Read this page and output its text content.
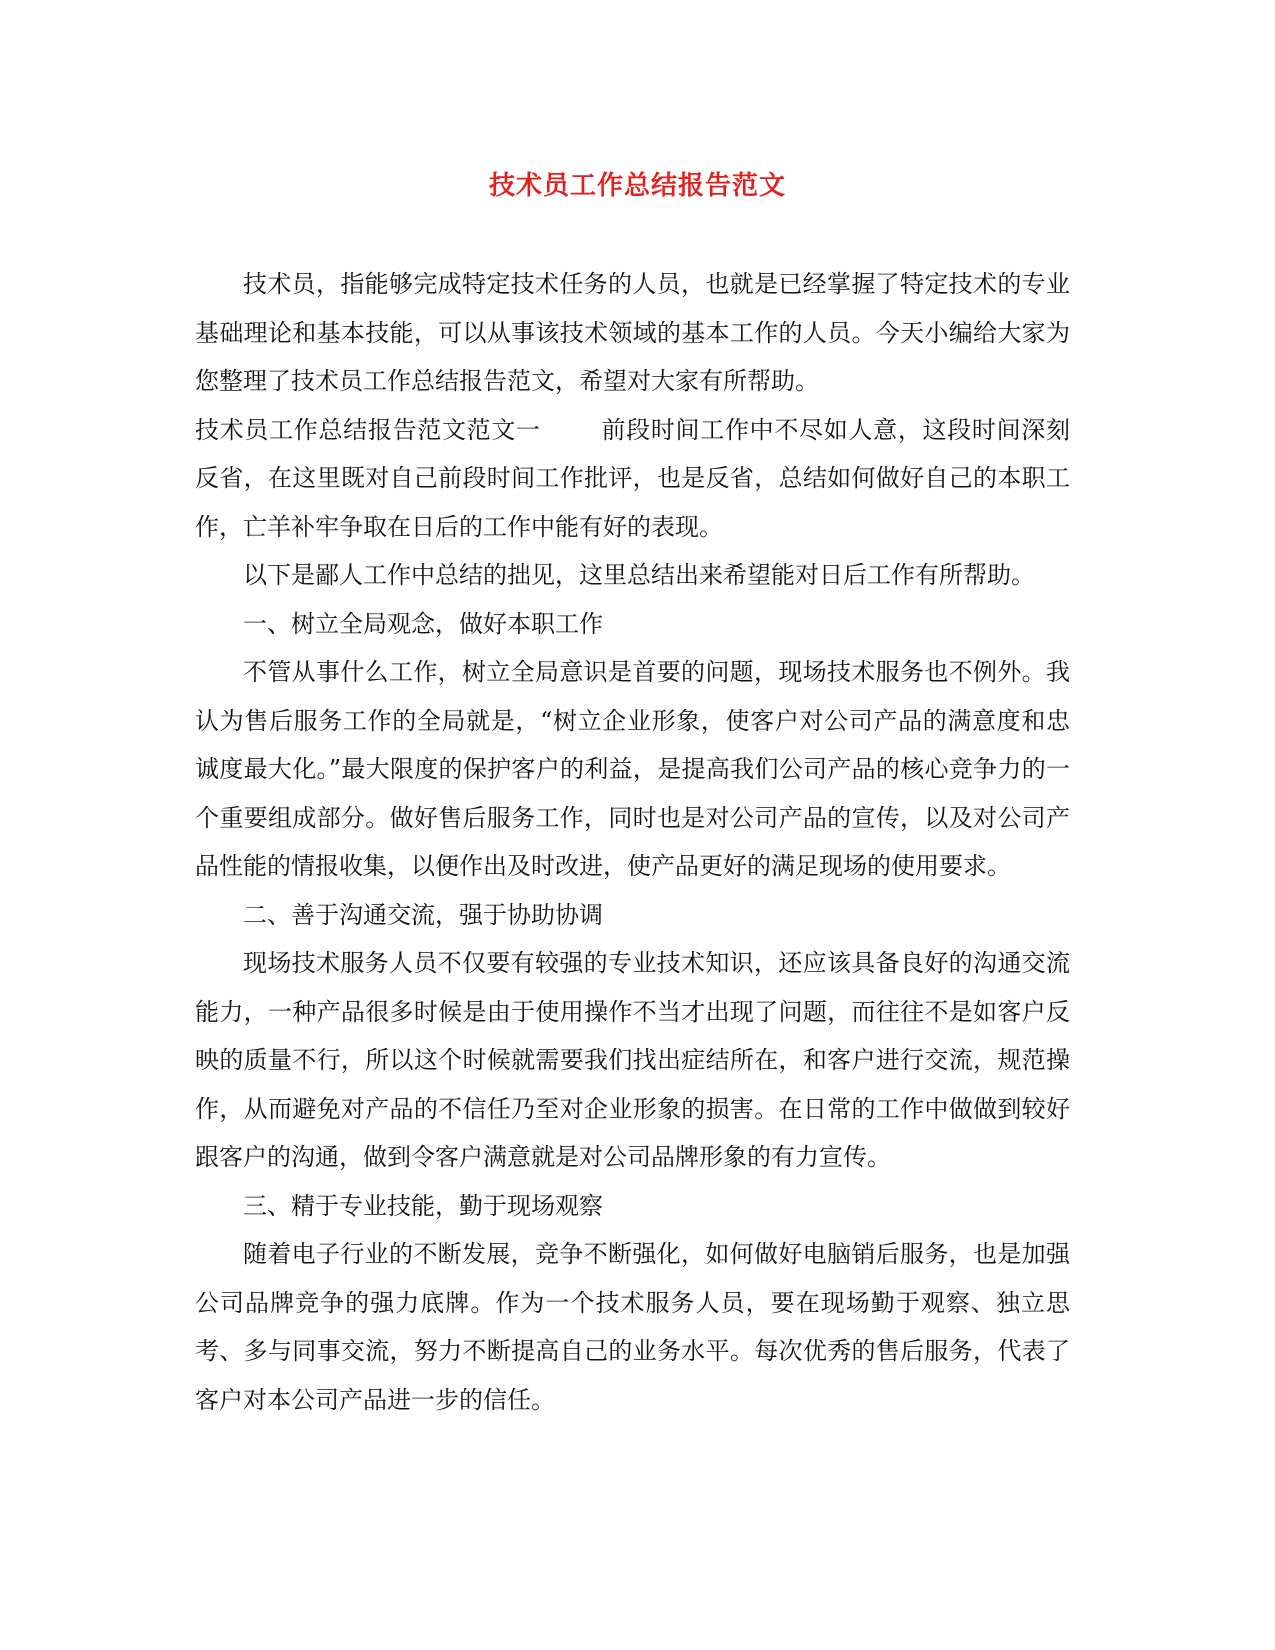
技术员工作总结报告范文

技术员，指能够完成特定技术任务的人员，也就是已经掌握了特定技术的专业基础理论和基本技能，可以从事该技术领域的基本工作的人员。今天小编给大家为您整理了技术员工作总结报告范文，希望对大家有所帮助。

技术员工作总结报告范文范文一	前段时间工作中不尽如人意，这段时间深刻反省，在这里既对自己前段时间工作批评，也是反省，总结如何做好自己的本职工作，亡羊补牢争取在日后的工作中能有好的表现。

以下是鄙人工作中总结的拙见，这里总结出来希望能对日后工作有所帮助。

一、树立全局观念，做好本职工作

不管从事什么工作，树立全局意识是首要的问题，现场技术服务也不例外。我认为售后服务工作的全局就是，“树立企业形象，使客户对公司产品的满意度和忠诚度最大化。”最大限度的保护客户的利益，是提高我们公司产品的核心竞争力的一个重要组成部分。做好售后服务工作，同时也是对公司产品的宣传，以及对公司产品性能的情报收集，以便作出及时改进，使产品更好的满足现场的使用要求。

二、善于沟通交流，强于协助协调

现场技术服务人员不仅要有较强的专业技术知识，还应该具备良好的沟通交流能力，一种产品很多时候是由于使用操作不当才出现了问题，而往往不是如客户反映的质量不行，所以这个时候就需要我们找出症结所在，和客户进行交流，规范操作，从而避免对产品的不信任乃至对企业形象的损害。在日常的工作中做做到较好跟客户的沟通，做到令客户满意就是对公司品牌形象的有力宣传。

三、精于专业技能，勤于现场观察

随着电子行业的不断发展，竞争不断强化，如何做好电脑销后服务，也是加强公司品牌竞争的强力底牌。作为一个技术服务人员，要在现场勤于观察、独立思考、多与同事交流，努力不断提高自己的业务水平。每次优秀的售后服务，代表了客户对本公司产品进一步的信任。
